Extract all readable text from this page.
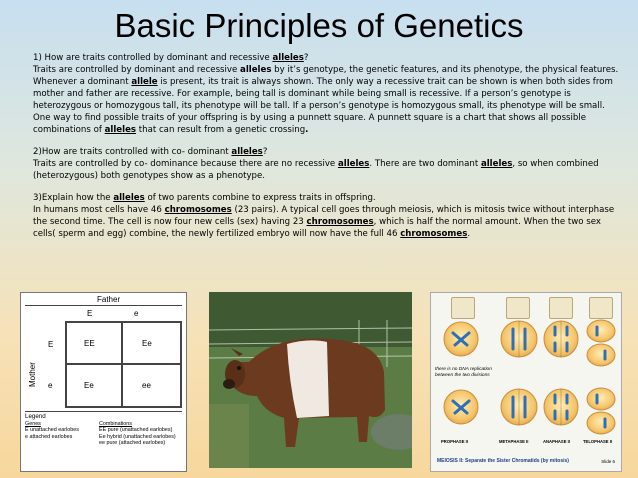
Basic Principles of Genetics

1) How are traits controlled by dominant and recessive alleles?

Traits are controlled by dominant and recessive alleles by it’s genotype, the genetic features, and its phenotype, the physical features. Whenever a dominant allele is present, its trait is always shown. The only way a recessive trait can be shown is when both sides from mother and father are recessive. For example, being tall is dominant while being small is recessive. If a person’s genotype is heterozygous or homozygous tall, its phenotype will be tall. If a person’s genotype is homozygous small, its phenotype will be small. One way to find possible traits of your offspring is by using a punnett square. A punnett square is a chart that shows all possible combinations of alleles that can result from a genetic crossing.

2)How are traits controlled with co- dominant alleles?

Traits are controlled by co- dominance because there are no recessive alleles. There are two dominant alleles, so when combined (heterozygous) both genotypes show as a phenotype.

3)Explain how the alleles of two parents combine to express traits in offspring.

In humans most cells have 46 chromosomes (23 pairs). A typical cell goes through meiosis, which is mitosis twice without interphase the second time. The cell is now four new cells (sex) having 23 chromosomes, which is half the normal amount. When the two sex cells( sperm and egg) combine, the newly fertilized embryo will now have the full 46 chromosomes.

Father
E	e
Mother
E
e
EE	Ee
Ee	ee
Legend
Genes
E unattached earlobes
e attached earlobes
Combinations
EE pure (unattached earlobes)
Ee hybrid (unattached earlobes)
ee pure (attached earlobes)
there is no DNA replication between the two divisions
PROPHASE II	METAPHASE II	ANAPHASE II	TELOPHASE II
MEIOSIS II: Separate the Sister Chromatids (by mitosis)	Slide 6
